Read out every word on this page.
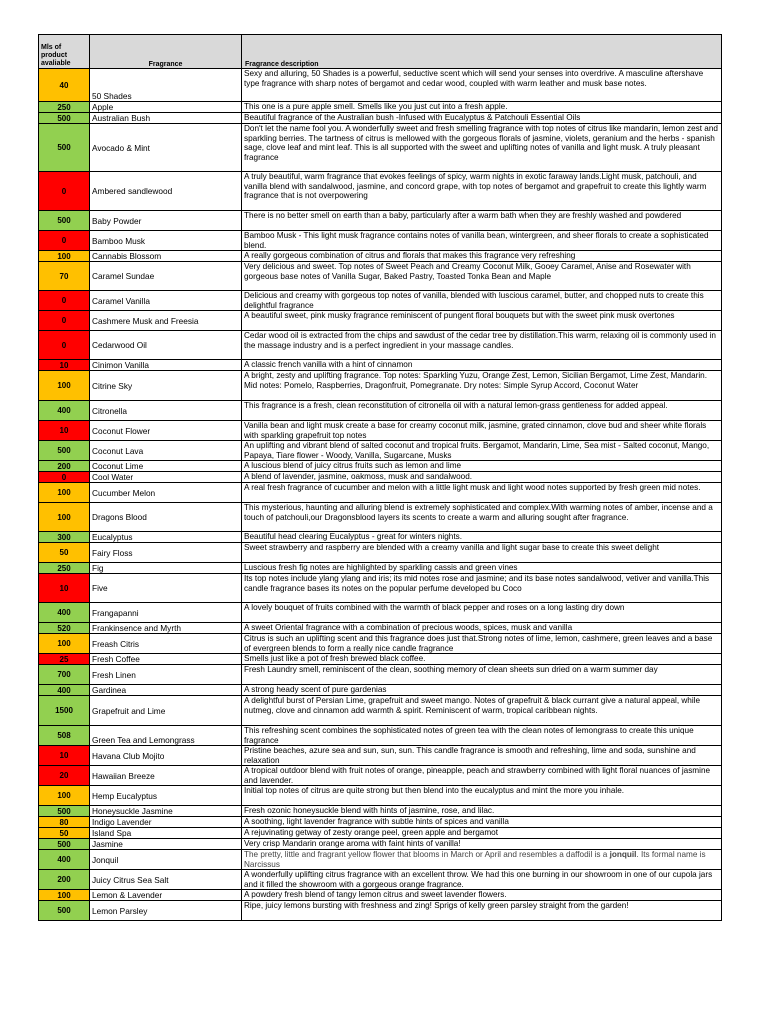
Mls of product avaliable	Fragrance	Fragrance description
40	50 Shades	Sexy and alluring, 50 Shades is a powerful, seductive scent which will send your senses into overdrive. A masculine aftershave type fragrance with sharp notes of bergamot and cedar wood, coupled with warm leather and musk base notes.
250	Apple	This one is a pure apple smell. Smells like you just cut into a fresh apple.
500	Australian Bush	Beautiful fragrance of the Australian bush -Infused with Eucalyptus & Patchouli Essential Oils
500	Avocado & Mint	Don't let the name fool you. A wonderfully sweet and fresh smelling fragrance with top notes of citrus like mandarin, lemon zest and sparkling berries. The tartness of citrus is mellowed with the gorgeous florals of jasmine, violets, geranium and the herbs - spanish sage, clove leaf and mint leaf. This is all supported with the sweet and uplifting notes of vanilla and light musk. A truly pleasant fragrance
0	Ambered sandlewood	A truly beautiful, warm fragrance that evokes feelings of spicy, warm nights in exotic faraway lands.Light musk, patchouli, and vanilla blend with sandalwood, jasmine, and concord grape, with top notes of bergamot and grapefruit to create this lightly warm fragrance that is not overpowering
500	Baby Powder	There is no better smell on earth than a baby, particularly after a warm bath when they are freshly washed and powdered
0	Bamboo Musk	Bamboo Musk - This light musk fragrance contains notes of vanilla bean, wintergreen, and sheer florals to create a sophisticated blend.
100	Cannabis Blossom	A really gorgeous combination of citrus and florals that makes this fragrance very refreshing
70	Caramel Sundae	Very delicious and sweet. Top notes of Sweet Peach and Creamy Coconut Milk, Gooey Caramel, Anise and Rosewater with gorgeous base notes of Vanilla Sugar, Baked Pastry, Toasted Tonka Bean and Maple
0	Caramel Vanilla	Delicious and creamy with gorgeous top notes of vanilla, blended with luscious caramel, butter, and chopped nuts to create this delightful fragrance
0	Cashmere Musk and Freesia	A beautiful sweet, pink musky fragrance reminiscent of pungent floral bouquets but with the sweet pink musk overtones
0	Cedarwood Oil	Cedar wood oil is extracted from the chips and sawdust of the cedar tree by distillation.This warm, relaxing oil is commonly used in the massage industry and is a perfect ingredient in your massage candles.
10	Cinimon Vanilla	A classic french vanilla with a hint of cinnamon
100	Citrine Sky	A bright, zesty and uplifting fragrance. Top notes: Sparkling Yuzu, Orange Zest, Lemon, Sicilian Bergamot, Lime Zest, Mandarin. Mid notes: Pomelo, Raspberries, Dragonfruit, Pomegranate. Dry notes: Simple Syrup Accord, Coconut Water
400	Citronella	This fragrance is a fresh, clean reconstitution of citronella oil with a natural lemon-grass gentleness for added appeal.
10	Coconut Flower	Vanilla bean and light musk create a base for creamy coconut milk, jasmine, grated cinnamon, clove bud and sheer white florals with sparkling grapefruit top notes
500	Coconut Lava	An uplifting and vibrant blend of salted coconut and tropical fruits. Bergamot, Mandarin, Lime, Sea mist - Salted coconut, Mango, Papaya, Tiare flower - Woody, Vanilla, Sugarcane, Musks
200	Coconut Lime	A luscious blend of juicy citrus fruits such as lemon and lime
0	Cool Water	A blend of lavender, jasmine, oakmoss, musk and sandalwood.
100	Cucumber Melon	A real fresh fragrance of cucumber and melon with a little light musk and light wood notes supported by fresh green mid notes.
100	Dragons Blood	This mysterious, haunting and alluring blend is extremely sophisticated and complex.With warming notes of amber, incense and a touch of patchouli,our Dragonsblood layers its scents to create a warm and alluring sought after fragrance.
300	Eucalyptus	Beautiful head clearing Eucalyptus - great for winters nights.
50	Fairy Floss	Sweet strawberry and raspberry are blended with a creamy vanilla and light sugar base to create this sweet delight
250	Fig	Luscious fresh fig notes are highlighted by sparkling cassis and green vines
10	Five	Its top notes include ylang ylang and iris; its mid notes rose and jasmine; and its base notes sandalwood, vetiver and vanilla.This candle fragrance bases its notes on the popular perfume developed bu Coco
400	Frangapanni	A lovely bouquet of fruits combined with the warmth of black pepper and roses on a long lasting dry down
520	Frankinsence and Myrth	A sweet Oriental fragrance with a combination of precious woods, spices, musk and vanilla
100	Freash Citris	Citrus is such an uplifting scent and this fragrance does just that.Strong notes of lime, lemon, cashmere, green leaves and a base of evergreen blends to form a really nice candle fragrance
25	Fresh Coffee	Smells just like a pot of fresh brewed black coffee.
700	Fresh Linen	Fresh Laundry smell, reminiscent of the clean, soothing memory of clean sheets sun dried on a warm summer day
400	Gardinea	A strong heady scent of pure gardenias
1500	Grapefruit and Lime	A delightful burst of Persian Lime, grapefruit and sweet mango. Notes of grapefruit & black currant give a natural appeal, while nutmeg, clove and cinnamon add warmth & spirit. Reminiscent of warm, tropical caribbean nights.
508	Green Tea and Lemongrass	This refreshing scent combines the sophisticated notes of green tea with the clean notes of lemongrass to create this unique fragrance
10	Havana Club Mojito	Pristine beaches, azure sea and sun, sun, sun. This candle fragrance is smooth and refreshing, lime and soda, sunshine and relaxation
20	Hawaiian Breeze	A tropical outdoor blend with fruit notes of orange, pineapple, peach and strawberry combined with light floral nuances of jasmine and lavender.
100	Hemp Eucalyptus	Initial top notes of citrus are quite strong but then blend into the eucalyptus and mint the more you inhale.
500	Honeysuckle Jasmine	Fresh ozonic honeysuckle blend with hints of jasmine, rose, and lilac.
80	Indigo Lavender	A soothing, light lavender fragrance with subtle hints of spices and vanilla
50	Island Spa	A rejuvinating getway of zesty orange peel, green apple and bergamot
500	Jasmine	Very crisp Mandarin orange aroma with faint hints of vanilla!
400	Jonquil	The pretty, little and fragrant yellow flower that blooms in March or April and resembles a daffodil is a jonquil. Its formal name is Narcissus
200	Juicy Citrus Sea Salt	A wonderfully uplifting citrus fragrance with an excellent throw. We had this one burning in our showroom in one of our cupola jars and it filled the showroom with a gorgeous orange fragrance.
100	Lemon & Lavender	A powdery fresh blend of tangy lemon citrus and sweet lavender flowers.
500	Lemon Parsley	Ripe, juicy lemons bursting with freshness and zing! Sprigs of kelly green parsley straight from the garden!
